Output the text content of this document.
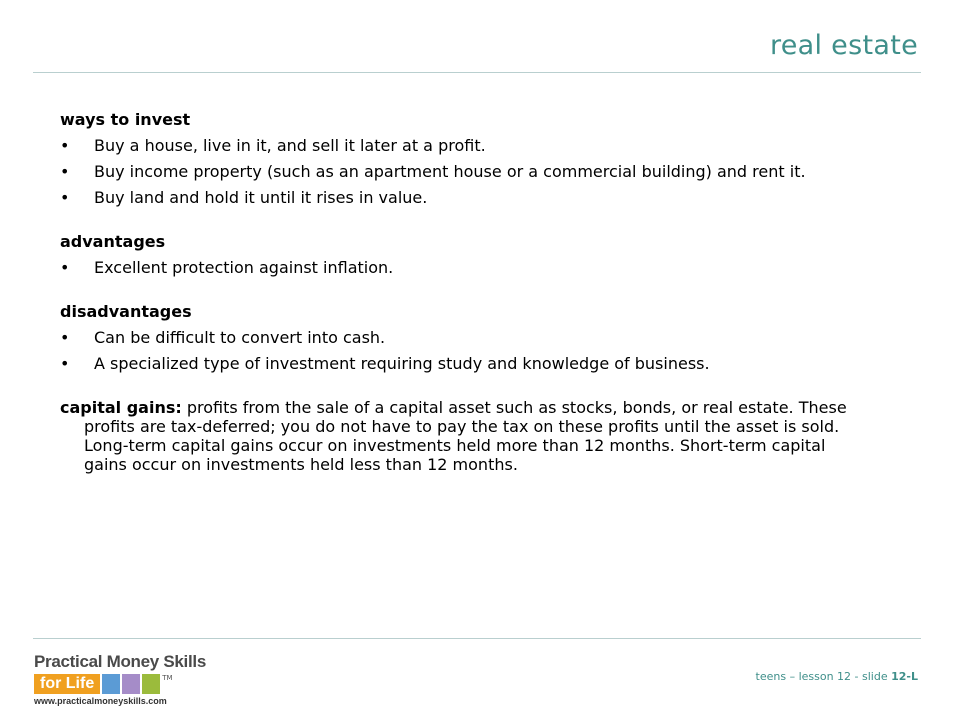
real estate
ways to invest
• Buy a house, live in it, and sell it later at a profit.
• Buy income property (such as an apartment house or a commercial building) and rent it.
• Buy land and hold it until it rises in value.
advantages
• Excellent protection against inflation.
disadvantages
• Can be difficult to convert into cash.
• A specialized type of investment requiring study and knowledge of business.
capital gains: profits from the sale of a capital asset such as stocks, bonds, or real estate. These profits are tax-deferred; you do not have to pay the tax on these profits until the asset is sold. Long-term capital gains occur on investments held more than 12 months. Short-term capital gains occur on investments held less than 12 months.
Practical Money Skills
for Life	TM
www.practicalmoneyskills.com
teens – lesson 12 - slide 12-L
